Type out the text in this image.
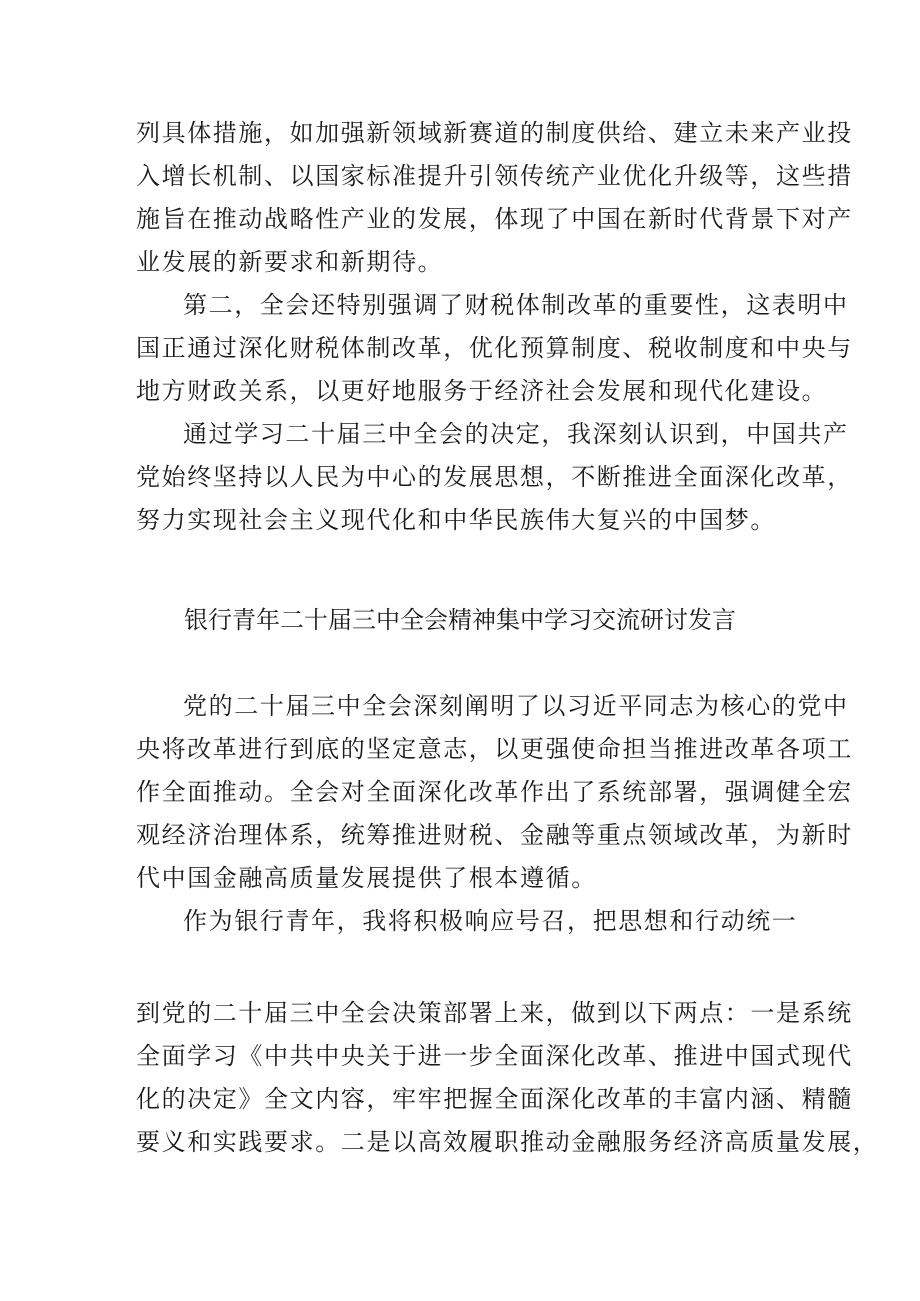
列具体措施，如加强新领域新赛道的制度供给、建立未来产业投
入增长机制、以国家标准提升引领传统产业优化升级等，这些措
施旨在推动战略性产业的发展，体现了中国在新时代背景下对产
业发展的新要求和新期待。
第二，全会还特别强调了财税体制改革的重要性，这表明中
国正通过深化财税体制改革，优化预算制度、税收制度和中央与
地方财政关系，以更好地服务于经济社会发展和现代化建设。
通过学习二十届三中全会的决定，我深刻认识到，中国共产
党始终坚持以人民为中心的发展思想，不断推进全面深化改革，
努力实现社会主义现代化和中华民族伟大复兴的中国梦。
银行青年二十届三中全会精神集中学习交流研讨发言
党的二十届三中全会深刻阐明了以习近平同志为核心的党中
央将改革进行到底的坚定意志，以更强使命担当推进改革各项工
作全面推动。全会对全面深化改革作出了系统部署，强调健全宏
观经济治理体系，统筹推进财税、金融等重点领域改革，为新时
代中国金融高质量发展提供了根本遵循。
作为银行青年，我将积极响应号召，把思想和行动统一
到党的二十届三中全会决策部署上来，做到以下两点：一是系统
全面学习《中共中央关于进一步全面深化改革、推进中国式现代
化的决定》全文内容，牢牢把握全面深化改革的丰富内涵、精髓
要义和实践要求。二是以高效履职推动金融服务经济高质量发展，
